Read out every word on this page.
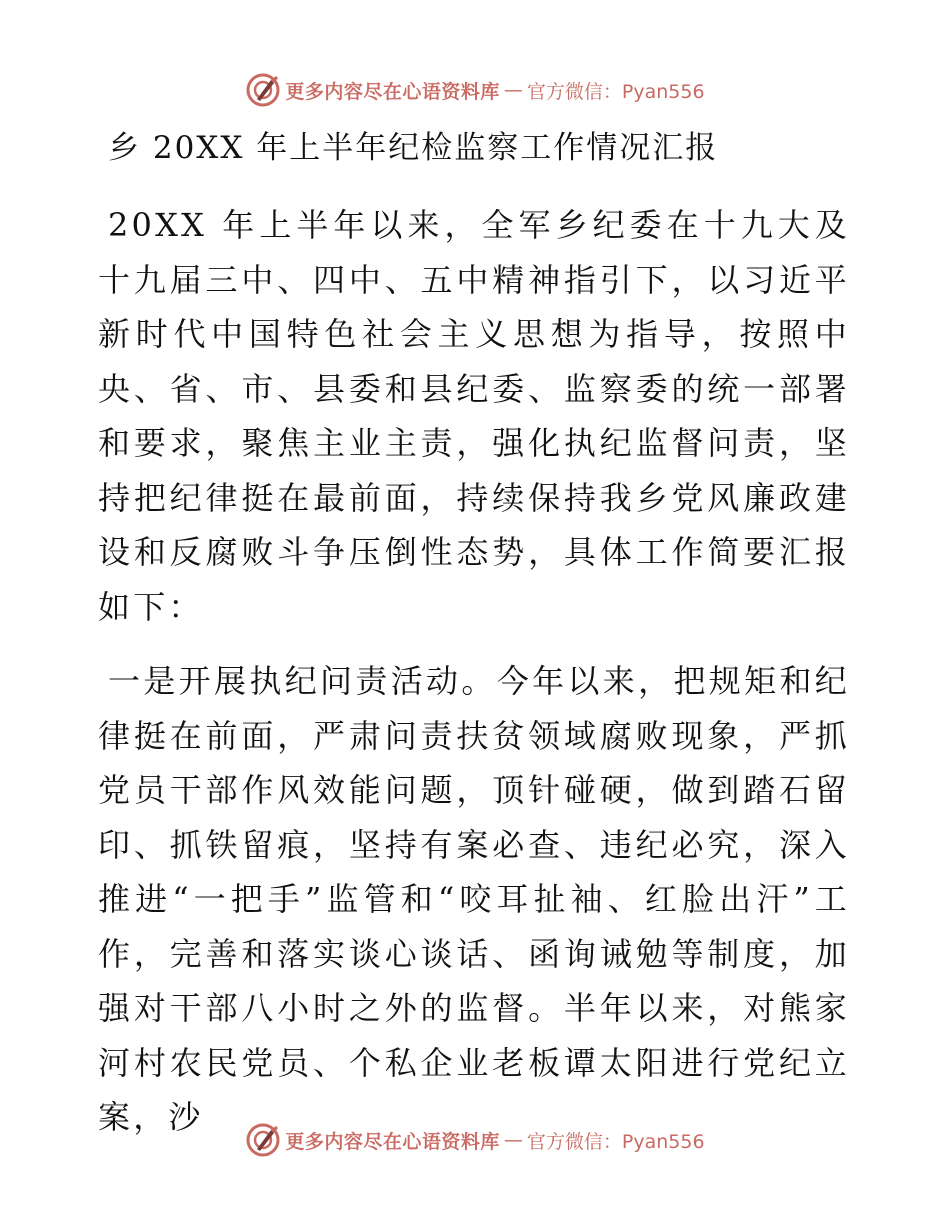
更多内容尽在心语资料库 — 官方微信：Pyan556
乡 20XX 年上半年纪检监察工作情况汇报

20XX 年上半年以来，全军乡纪委在十九大及十九届三中、四中、五中精神指引下，以习近平新时代中国特色社会主义思想为指导，按照中央、省、市、县委和县纪委、监察委的统一部署和要求，聚焦主业主责，强化执纪监督问责，坚持把纪律挺在最前面，持续保持我乡党风廉政建设和反腐败斗争压倒性态势，具体工作简要汇报如下：

一是开展执纪问责活动。今年以来，把规矩和纪律挺在前面，严肃问责扶贫领域腐败现象，严抓党员干部作风效能问题，顶针碰硬，做到踏石留印、抓铁留痕，坚持有案必查、违纪必究，深入推进“一把手”监管和“咬耳扯袖、红脸出汗”工作，完善和落实谈心谈话、函询诫勉等制度，加强对干部八小时之外的监督。半年以来，对熊家河村农民党员、个私企业老板谭太阳进行党纪立案，沙

更多内容尽在心语资料库 — 官方微信：Pyan556
